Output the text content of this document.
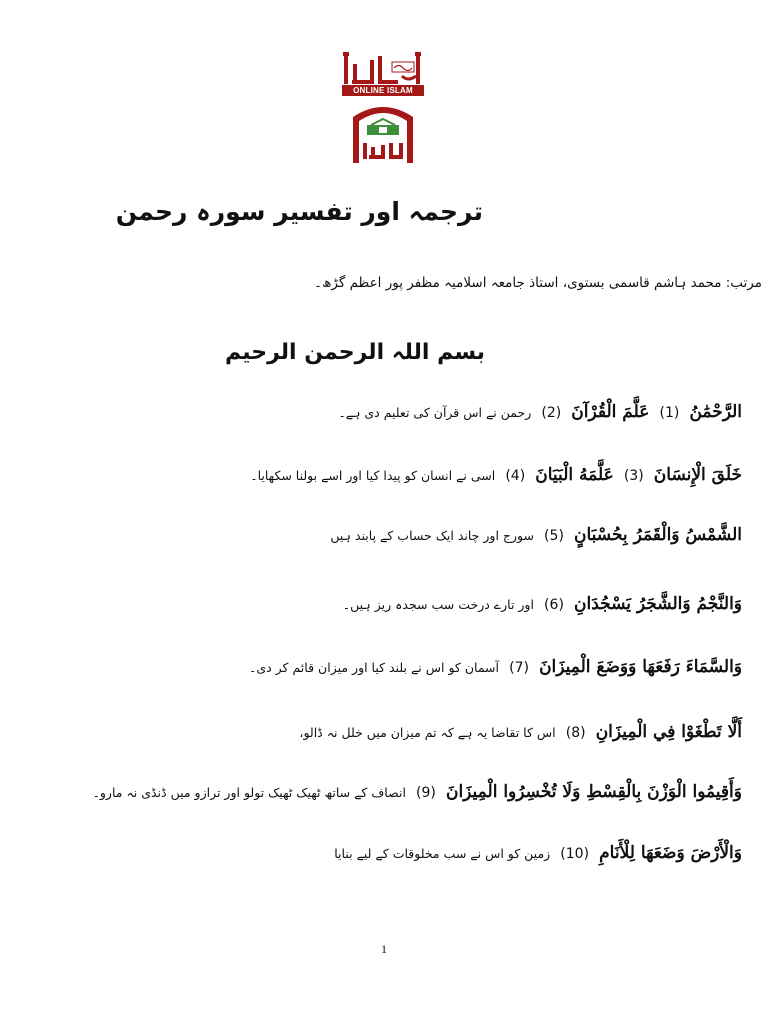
ONLINE ISLAM
ترجمہ اور تفسیر سورہ رحمن
مرتب: محمد ہاشم قاسمی بستوی، استاذ جامعہ اسلامیہ مظفر پور اعظم گڑھ۔
بسم اللہ الرحمن الرحیم
الرَّحْمَٰنُ (1) عَلَّمَ الْقُرْآنَ (2) رحمن نے اس قرآن کی تعلیم دی ہے۔
خَلَقَ الْإِنسَانَ (3) عَلَّمَهُ الْبَيَانَ (4) اسی نے انسان کو پیدا کیا اور اسے بولنا سکھایا۔
الشَّمْسُ وَالْقَمَرُ بِحُسْبَانٍ (5) سورج اور چاند ایک حساب کے پابند ہیں
وَالنَّجْمُ وَالشَّجَرُ يَسْجُدَانِ (6) اور تارے درخت سب سجدہ ریز ہیں۔
وَالسَّمَاءَ رَفَعَهَا وَوَضَعَ الْمِيزَانَ (7) آسمان کو اس نے بلند کیا اور میزان قائم کر دی۔
أَلَّا تَطْغَوْا فِي الْمِيزَانِ (8) اس کا تقاضا یہ ہے کہ تم میزان میں خلل نہ ڈالو،
وَأَقِيمُوا الْوَزْنَ بِالْقِسْطِ وَلَا تُخْسِرُوا الْمِيزَانَ (9) انصاف کے ساتھ ٹھیک ٹھیک تولو اور ترازو میں ڈنڈی نہ مارو۔
وَالْأَرْضَ وَضَعَهَا لِلْأَنَامِ (10) زمین کو اس نے سب مخلوقات کے لیے بنایا
1
